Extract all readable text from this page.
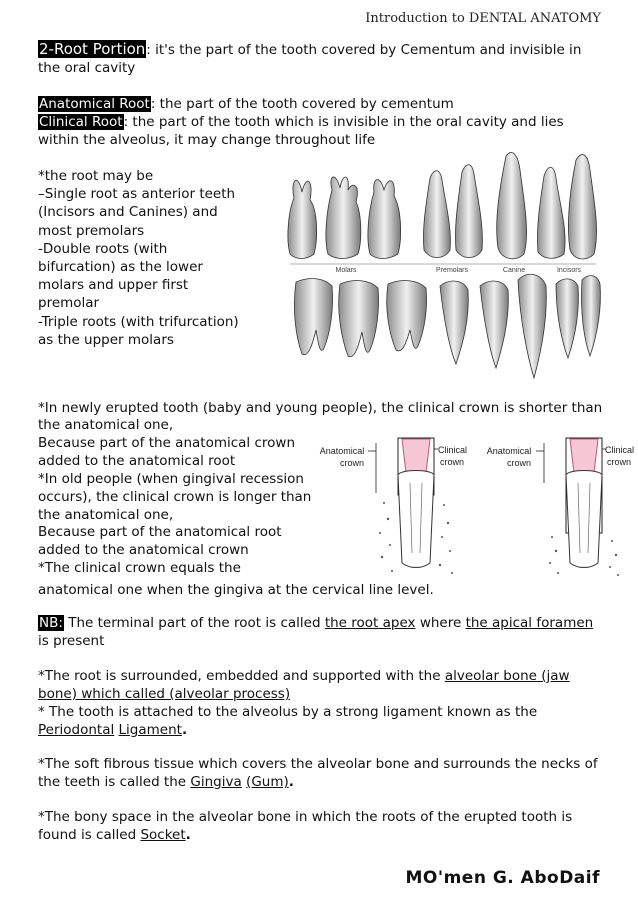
Introduction to DENTAL ANATOMY
2-Root Portion: it's the part of the tooth covered by Cementum and invisible in the oral cavity
Anatomical Root: the part of the tooth covered by cementum
Clinical Root: the part of the tooth which is invisible in the oral cavity and lies within the alveolus, it may change throughout life
*the root may be
–Single root as anterior teeth
(Incisors and Canines) and
most premolars
-Double roots (with
bifurcation) as the lower
molars and upper first
premolar
-Triple roots (with trifurcation)
as the upper molars
Molars	Premolars	Canine	Incisors
*In newly erupted tooth (baby and young people), the clinical crown is shorter than
the anatomical one,
Because part of the anatomical crown
added to the anatomical root
*In old people (when gingival recession
occurs), the clinical crown is longer than
the anatomical one,
Because part of the anatomical root
added to the anatomical crown
*The clinical crown equals the
anatomical one when the gingiva at the cervical line level.
Anatomical
crown
Clinical
crown
Anatomical
crown
Clinical
crown
NB: The terminal part of the root is called the root apex where the apical foramen is present
*The root is surrounded, embedded and supported with the alveolar bone (jaw bone) which called (alveolar process)
* The tooth is attached to the alveolus by a strong ligament known as the
Periodontal Ligament.
*The soft fibrous tissue which covers the alveolar bone and surrounds the necks of the teeth is called the Gingiva (Gum).
*The bony space in the alveolar bone in which the roots of the erupted tooth is found is called Socket.
MO'men G. AboDaif
